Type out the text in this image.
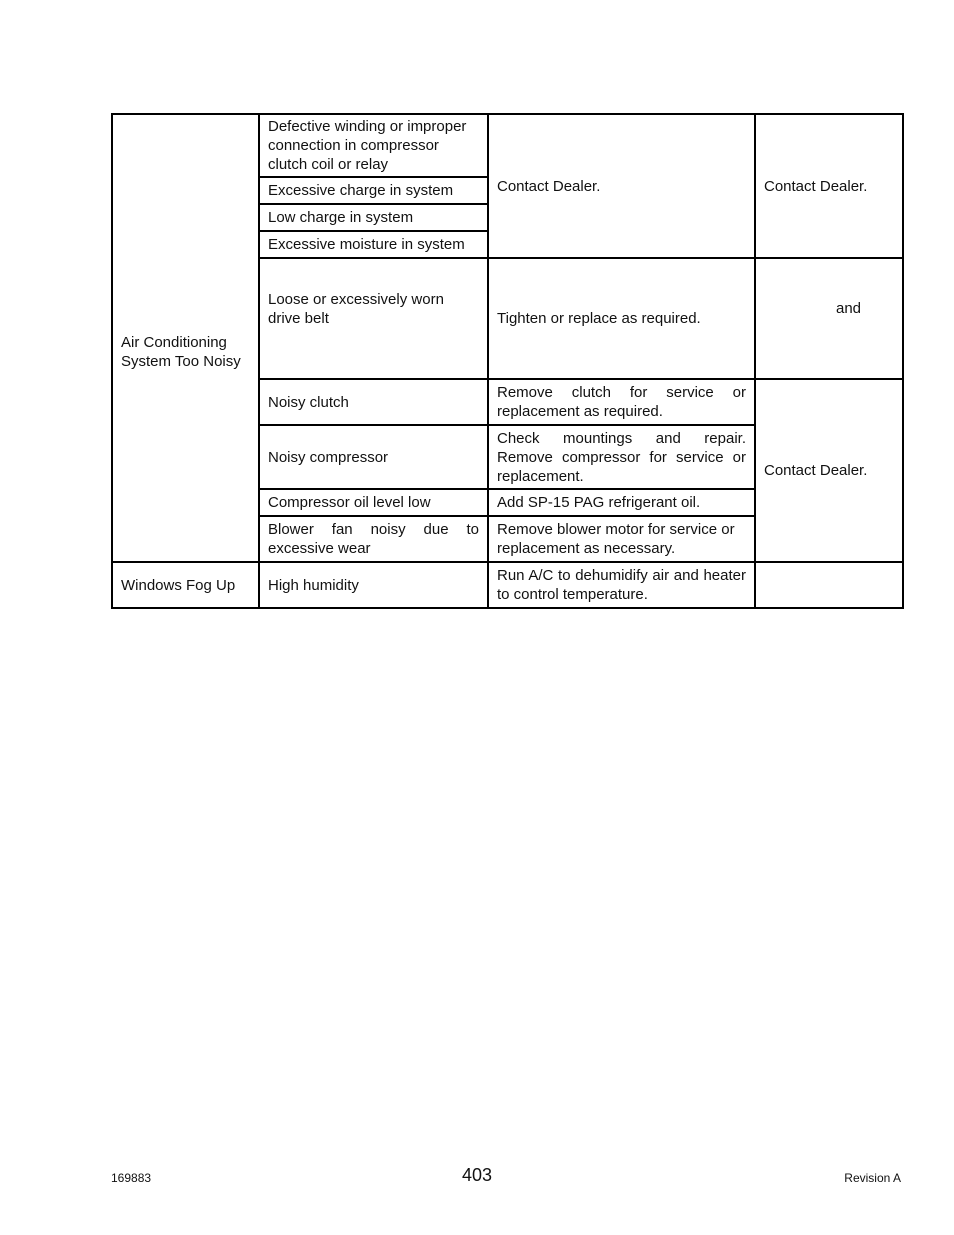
Air Conditioning System Too Noisy	Defective winding or improper connection in compressor clutch coil or relay	Contact Dealer.	Contact Dealer.
	Excessive charge in system		
	Low charge in system		
	Excessive moisture in system		
	Loose or excessively worn drive belt	Tighten or replace as required.	and
	Noisy clutch	Remove clutch for service or replacement as required.	Contact Dealer.
	Noisy compressor	Check mountings and repair. Remove compressor for service or replacement.	
	Compressor oil level low	Add SP-15 PAG refrigerant oil.	
	Blower fan noisy due to excessive wear	Remove blower motor for service or replacement as necessary.	
Windows Fog Up	High humidity	Run A/C to dehumidify air and heater to control temperature.	
169883	403	Revision A
